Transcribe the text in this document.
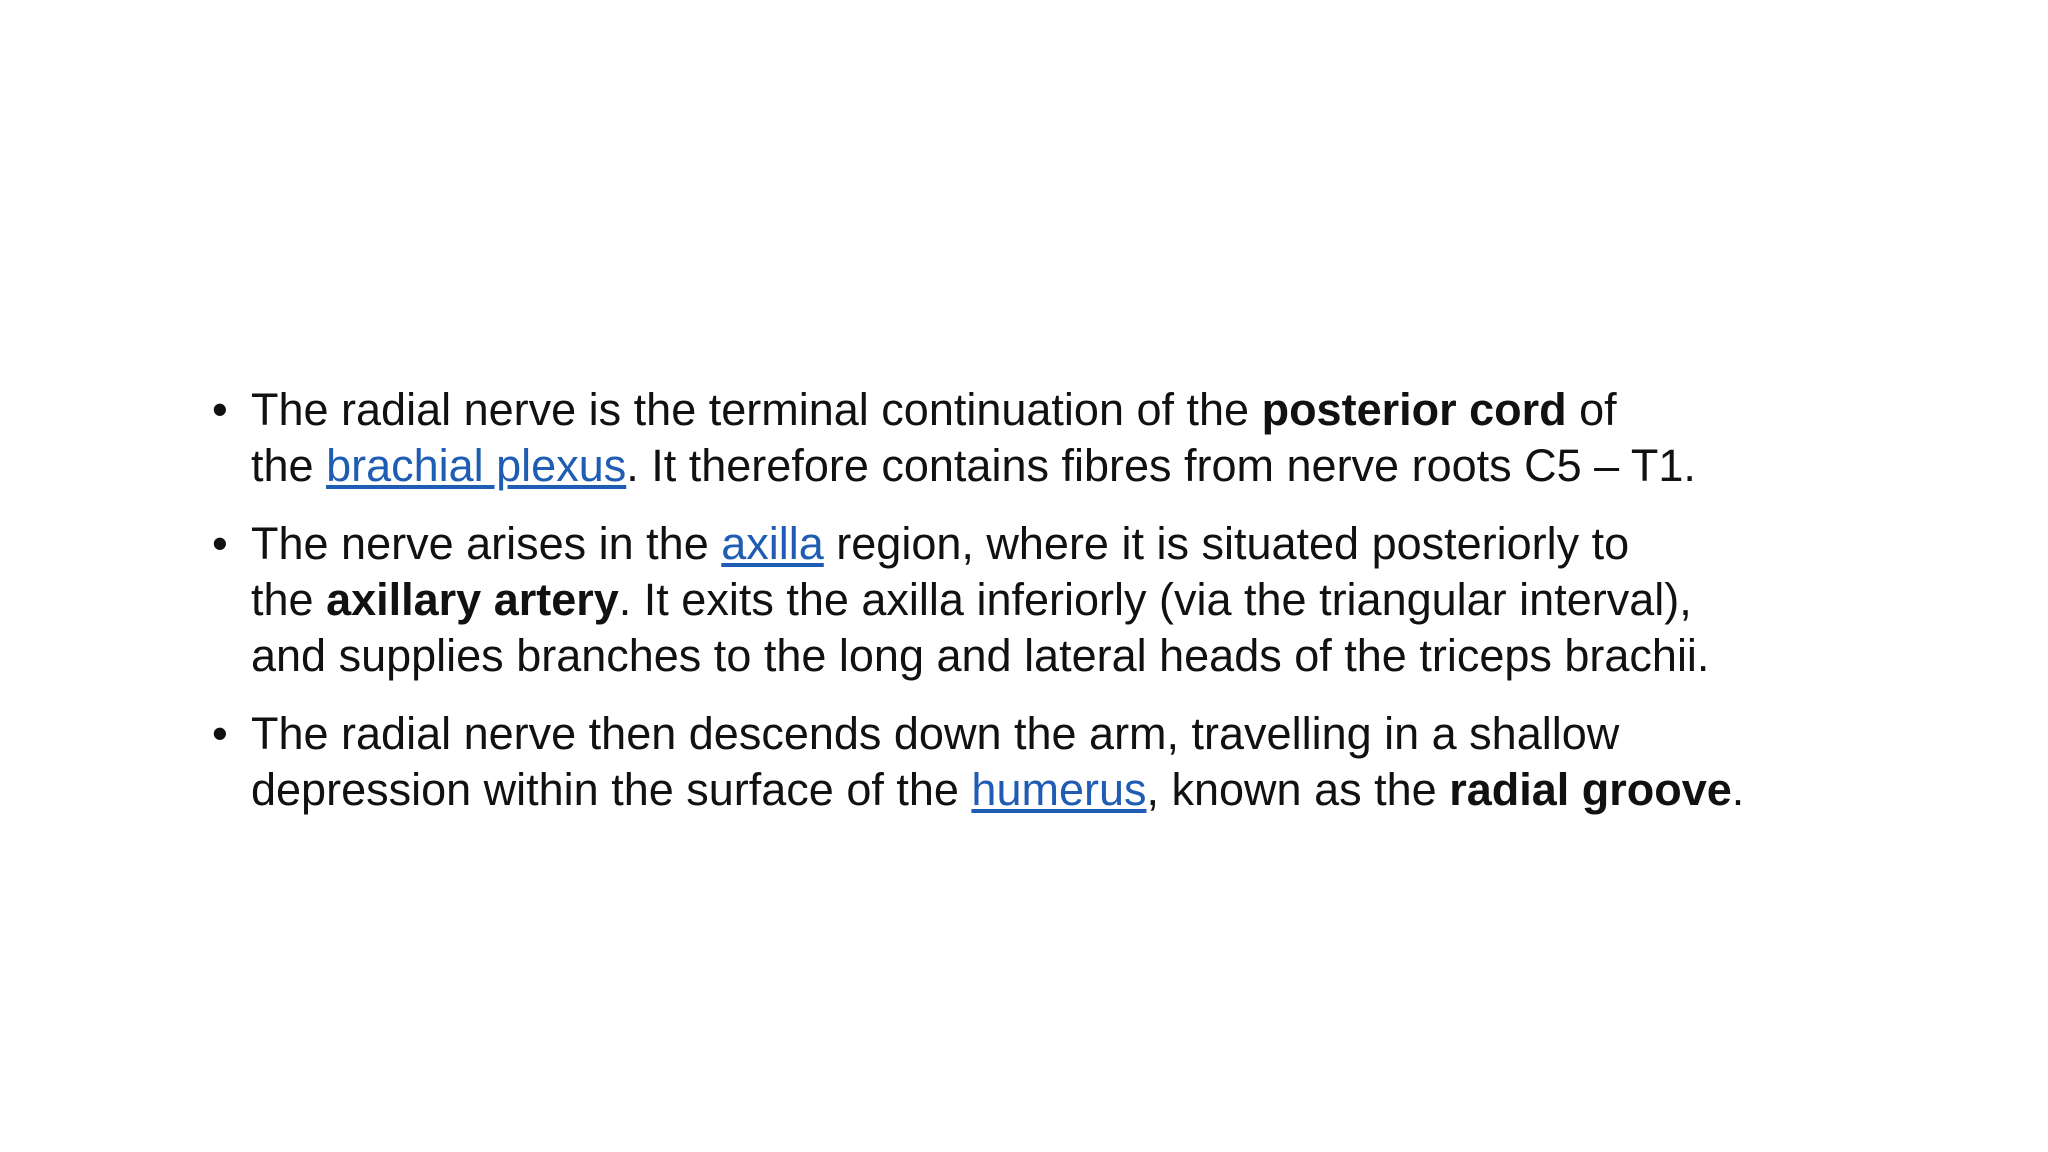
• The radial nerve is the terminal continuation of the posterior cord of
the brachial plexus. It therefore contains fibres from nerve roots C5 – T1.
• The nerve arises in the axilla region, where it is situated posteriorly to
the axillary artery. It exits the axilla inferiorly (via the triangular interval),
and supplies branches to the long and lateral heads of the triceps brachii.
• The radial nerve then descends down the arm, travelling in a shallow
depression within the surface of the humerus, known as the radial groove.
